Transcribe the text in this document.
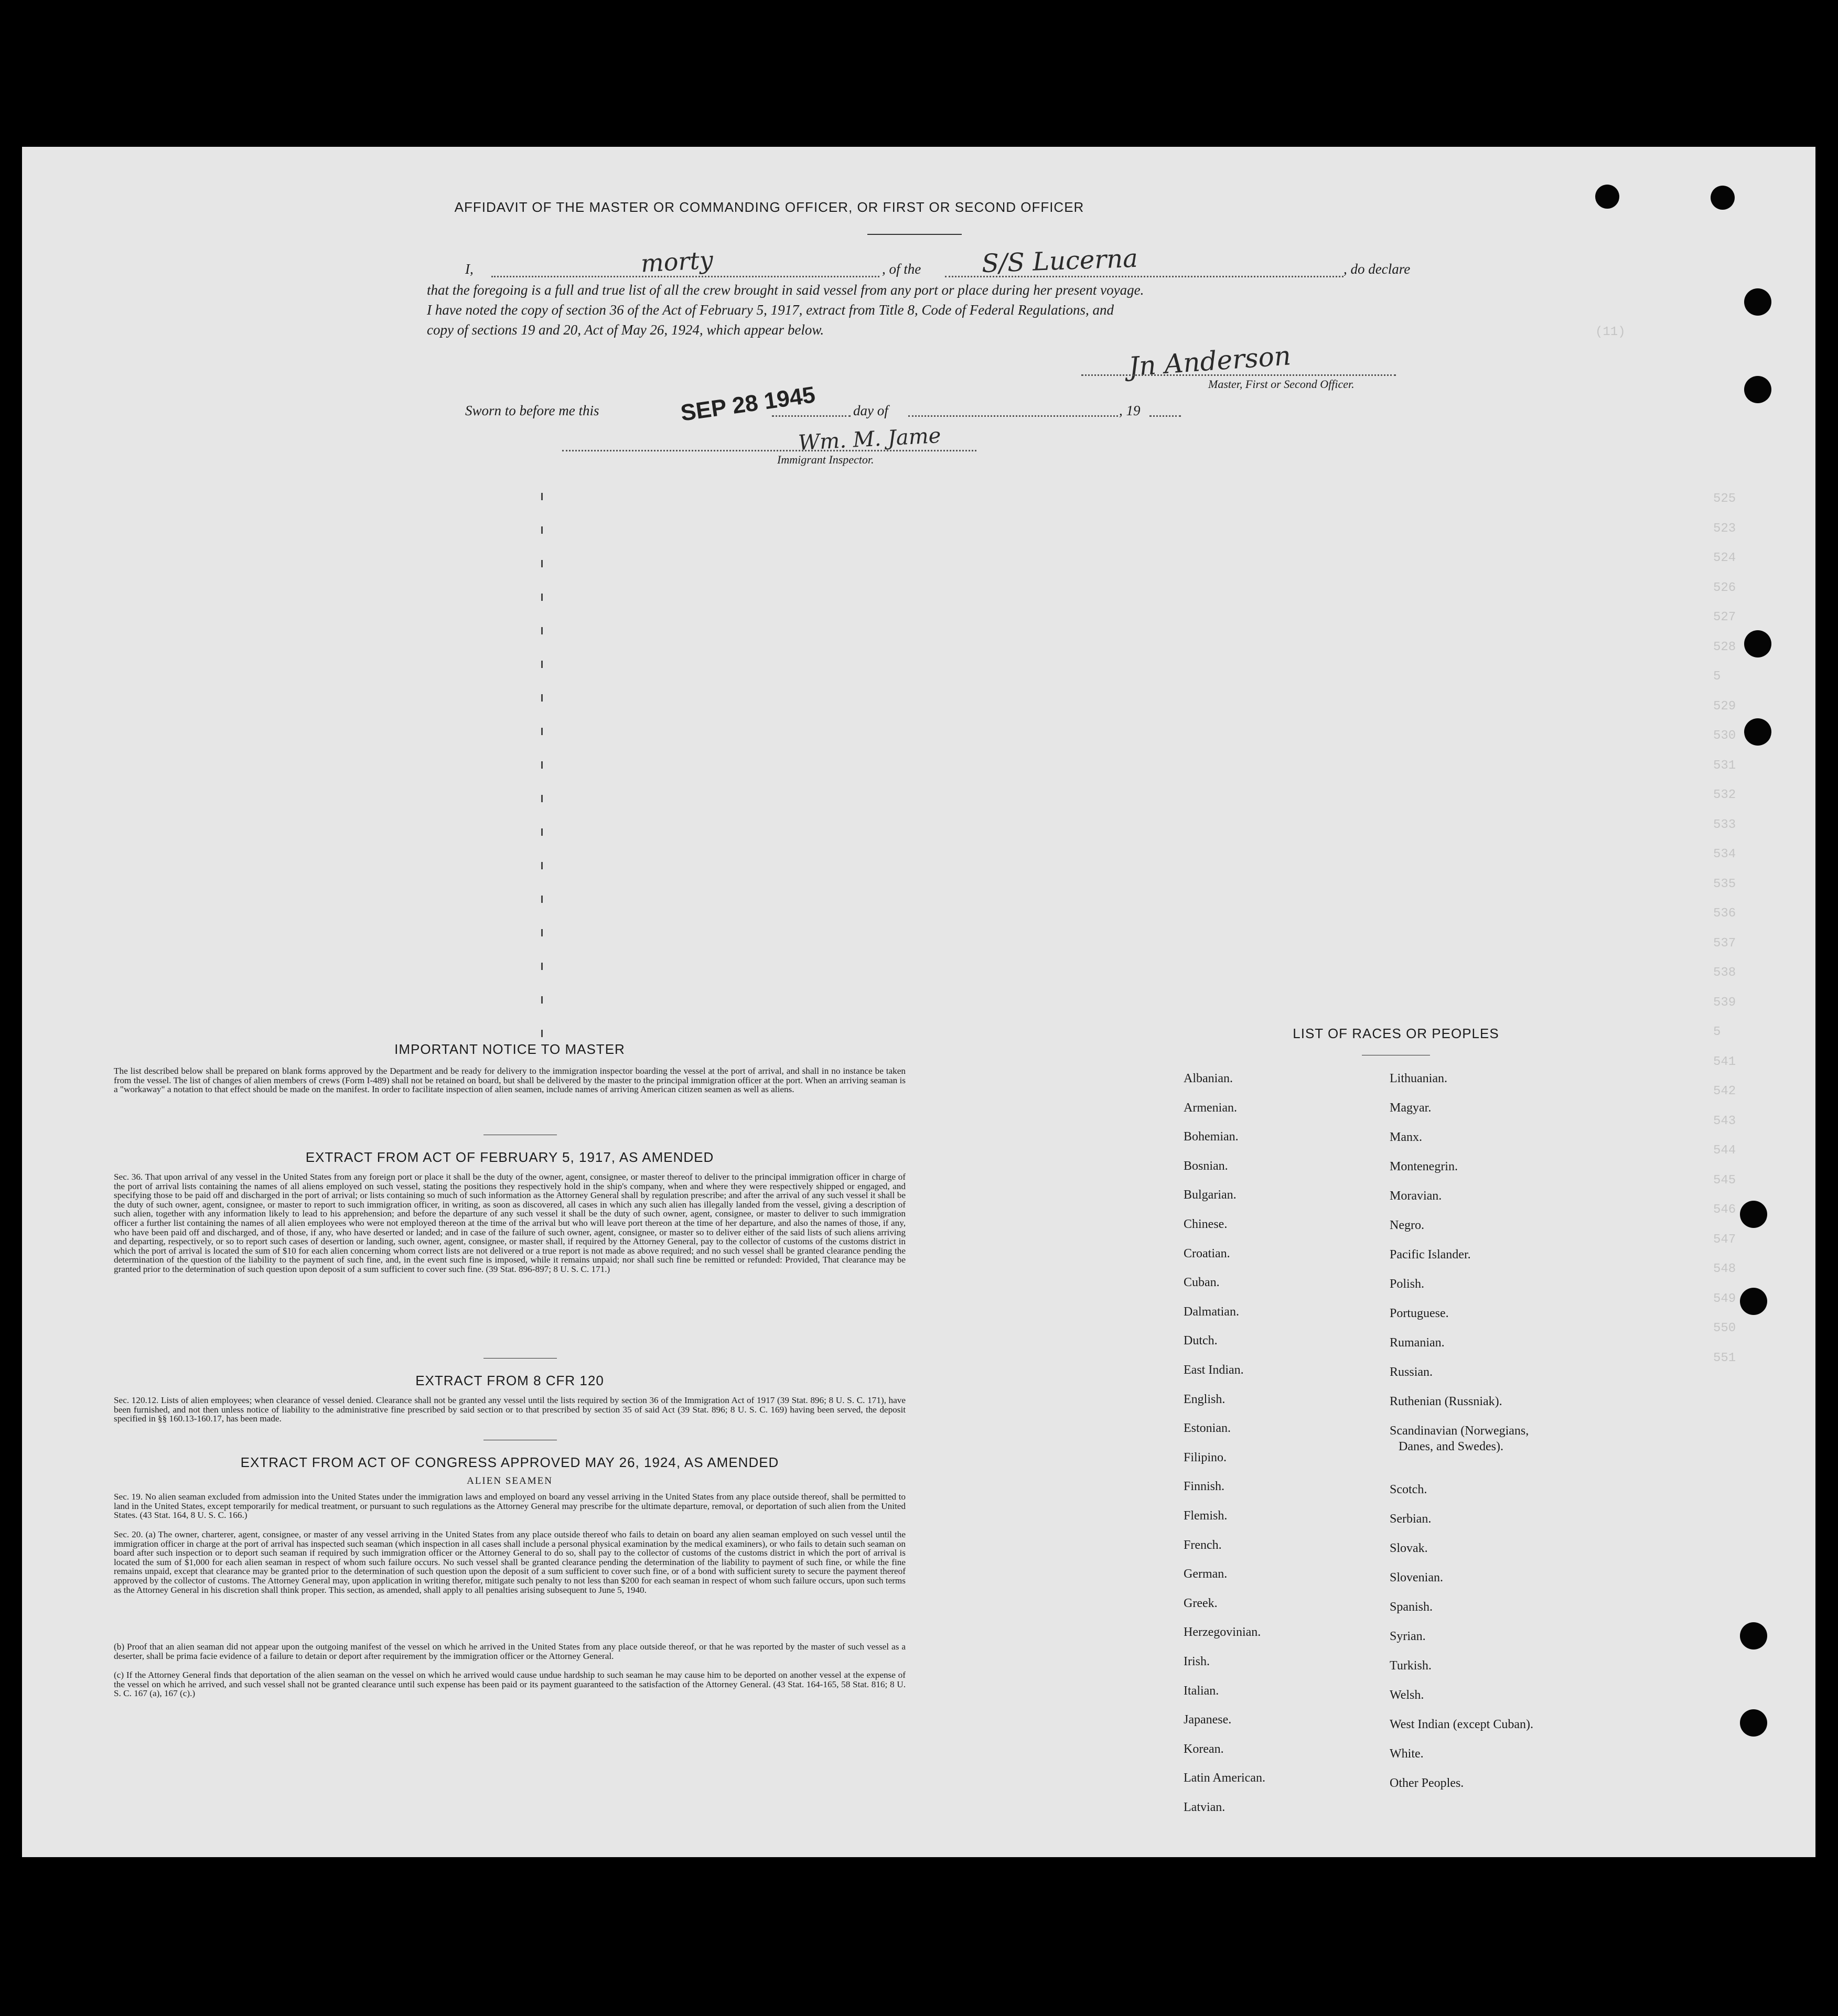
(11)
525
523
524
526
527
528
5
529
530
531
532
533
534
535
536
537
538
539
5
541
542
543
544
545
546
547
548
549
550
551
AFFIDAVIT OF THE MASTER OR COMMANDING OFFICER, OR FIRST OR SECOND OFFICER
I,	morty	, of the S/S Lucerna	, do declare
that the foregoing is a full and true list of all the crew brought in said vessel from any port or place during her present voyage.
I have noted the copy of section 36 of the Act of February 5, 1917, extract from Title 8, Code of Federal Regulations, and
copy of sections 19 and 20, Act of May 26, 1924, which appear below.
Jn Anderson
Master, First or Second Officer.
Sworn to before me this	SEP 28 1945	day of	, 19
Wm. M. Jame
Immigrant Inspector.
IMPORTANT NOTICE TO MASTER
The list described below shall be prepared on blank forms approved by the Department and be ready for delivery to the immigration inspector boarding the vessel at the port of arrival, and shall in no instance be taken from the vessel. The list of changes of alien members of crews (Form I-489) shall not be retained on board, but shall be delivered by the master to the principal immigration officer at the port. When an arriving seaman is a "workaway" a notation to that effect should be made on the manifest. In order to facilitate inspection of alien seamen, include names of arriving American citizen seamen as well as aliens.
EXTRACT FROM ACT OF FEBRUARY 5, 1917, AS AMENDED
Sec. 36. That upon arrival of any vessel in the United States from any foreign port or place it shall be the duty of the owner, agent, consignee, or master thereof to deliver to the principal immigration officer in charge of the port of arrival lists containing the names of all aliens employed on such vessel, stating the positions they respectively hold in the ship's company, when and where they were respectively shipped or engaged, and specifying those to be paid off and discharged in the port of arrival; or lists containing so much of such information as the Attorney General shall by regulation prescribe; and after the arrival of any such vessel it shall be the duty of such owner, agent, consignee, or master to report to such immigration officer, in writing, as soon as discovered, all cases in which any such alien has illegally landed from the vessel, giving a description of such alien, together with any information likely to lead to his apprehension; and before the departure of any such vessel it shall be the duty of such owner, agent, consignee, or master to deliver to such immigration officer a further list containing the names of all alien employees who were not employed thereon at the time of the arrival but who will leave port thereon at the time of her departure, and also the names of those, if any, who have been paid off and discharged, and of those, if any, who have deserted or landed; and in case of the failure of such owner, agent, consignee, or master so to deliver either of the said lists of such aliens arriving and departing, respectively, or so to report such cases of desertion or landing, such owner, agent, consignee, or master shall, if required by the Attorney General, pay to the collector of customs of the customs district in which the port of arrival is located the sum of $10 for each alien concerning whom correct lists are not delivered or a true report is not made as above required; and no such vessel shall be granted clearance pending the determination of the question of the liability to the payment of such fine, and, in the event such fine is imposed, while it remains unpaid; nor shall such fine be remitted or refunded: Provided, That clearance may be granted prior to the determination of such question upon deposit of a sum sufficient to cover such fine. (39 Stat. 896-897; 8 U. S. C. 171.)
EXTRACT FROM 8 CFR 120
Sec. 120.12. Lists of alien employees; when clearance of vessel denied. Clearance shall not be granted any vessel until the lists required by section 36 of the Immigration Act of 1917 (39 Stat. 896; 8 U. S. C. 171), have been furnished, and not then unless notice of liability to the administrative fine prescribed by said section or to that prescribed by section 35 of said Act (39 Stat. 896; 8 U. S. C. 169) having been served, the deposit specified in §§ 160.13-160.17, has been made.
EXTRACT FROM ACT OF CONGRESS APPROVED MAY 26, 1924, AS AMENDED
ALIEN SEAMEN
Sec. 19. No alien seaman excluded from admission into the United States under the immigration laws and employed on board any vessel arriving in the United States from any place outside thereof, shall be permitted to land in the United States, except temporarily for medical treatment, or pursuant to such regulations as the Attorney General may prescribe for the ultimate departure, removal, or deportation of such alien from the United States. (43 Stat. 164, 8 U. S. C. 166.)
Sec. 20. (a) The owner, charterer, agent, consignee, or master of any vessel arriving in the United States from any place outside thereof who fails to detain on board any alien seaman employed on such vessel until the immigration officer in charge at the port of arrival has inspected such seaman (which inspection in all cases shall include a personal physical examination by the medical examiners), or who fails to detain such seaman on board after such inspection or to deport such seaman if required by such immigration officer or the Attorney General to do so, shall pay to the collector of customs of the customs district in which the port of arrival is located the sum of $1,000 for each alien seaman in respect of whom such failure occurs. No such vessel shall be granted clearance pending the determination of the liability to payment of such fine, or while the fine remains unpaid, except that clearance may be granted prior to the determination of such question upon the deposit of a sum sufficient to cover such fine, or of a bond with sufficient surety to secure the payment thereof approved by the collector of customs. The Attorney General may, upon application in writing therefor, mitigate such penalty to not less than $200 for each seaman in respect of whom such failure occurs, upon such terms as the Attorney General in his discretion shall think proper. This section, as amended, shall apply to all penalties arising subsequent to June 5, 1940.
(b) Proof that an alien seaman did not appear upon the outgoing manifest of the vessel on which he arrived in the United States from any place outside thereof, or that he was reported by the master of such vessel as a deserter, shall be prima facie evidence of a failure to detain or deport after requirement by the immigration officer or the Attorney General.
(c) If the Attorney General finds that deportation of the alien seaman on the vessel on which he arrived would cause undue hardship to such seaman he may cause him to be deported on another vessel at the expense of the vessel on which he arrived, and such vessel shall not be granted clearance until such expense has been paid or its payment guaranteed to the satisfaction of the Attorney General. (43 Stat. 164-165, 58 Stat. 816; 8 U. S. C. 167 (a), 167 (c).)
LIST OF RACES OR PEOPLES
Albanian.
Armenian.
Bohemian.
Bosnian.
Bulgarian.
Chinese.
Croatian.
Cuban.
Dalmatian.
Dutch.
East Indian.
English.
Estonian.
Filipino.
Finnish.
Flemish.
French.
German.
Greek.
Herzegovinian.
Irish.
Italian.
Japanese.
Korean.
Latin American.
Latvian.
Lithuanian.
Magyar.
Manx.
Montenegrin.
Moravian.
Negro.
Pacific Islander.
Polish.
Portuguese.
Rumanian.
Russian.
Ruthenian (Russniak).
Scandinavian (Norwegians,
Danes, and Swedes).
Scotch.
Serbian.
Slovak.
Slovenian.
Spanish.
Syrian.
Turkish.
Welsh.
West Indian (except Cuban).
White.
Other Peoples.
